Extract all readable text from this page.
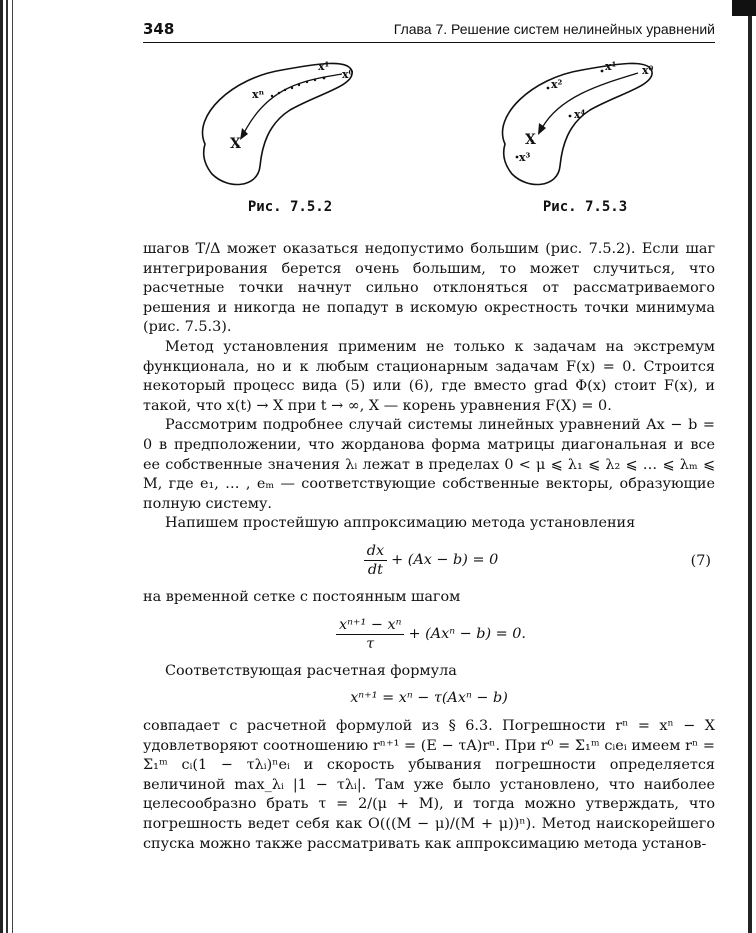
348	Глава 7. Решение систем нелинейных уравнений
x⁰
x¹
xⁿ
X
Рис. 7.5.2
x⁰
x¹
x²
x⁴
X
x³
Рис. 7.5.3

шагов T/Δ может оказаться недопустимо большим (рис. 7.5.2). Если шаг интегрирования берется очень большим, то может случиться, что расчетные точки начнут сильно отклоняться от рассматриваемого решения и никогда не попадут в искомую окрестность точки минимума (рис. 7.5.3).

Метод установления применим не только к задачам на экстремум функционала, но и к любым стационарным задачам F(x) = 0. Строится некоторый процесс вида (5) или (6), где вместо grad Φ(x) стоит F(x), и такой, что x(t) → X при t → ∞, X — корень уравнения F(X) = 0.

Рассмотрим подробнее случай системы линейных уравнений Ax − b = 0 в предположении, что жорданова форма матрицы диагональная и все ее собственные значения λᵢ лежат в пределах 0 < μ ⩽ λ₁ ⩽ λ₂ ⩽ … ⩽ λₘ ⩽ M, где e₁, … , eₘ — соответствующие собственные векторы, образующие полную систему.

Напишем простейшую аппроксимацию метода установления

$\frac{dx}{dt} + (Ax - b) = 0$	(7)

на временной сетке с постоянным шагом

$\frac{\text{xⁿ⁺¹ − xⁿ}}{\tau} + (Ax^n - b) = 0$.

Соответствующая расчетная формула

xⁿ⁺¹ = xⁿ − τ(Axⁿ − b)

совпадает с расчетной формулой из § 6.3. Погрешности rⁿ = xⁿ − X удовлетворяют соотношению rⁿ⁺¹ = (E − τA)rⁿ. При r⁰ = Σ₁ᵐ cᵢeᵢ имеем rⁿ = Σ₁ᵐ cᵢ(1 − τλᵢ)ⁿeᵢ и скорость убывания погрешности определяется величиной max_λᵢ |1 − τλᵢ|. Там уже было установлено, что наиболее целесообразно брать τ = 2/(μ + M), и тогда можно утверждать, что погрешность ведет себя как O(((M − μ)/(M + μ))ⁿ). Метод наискорейшего спуска можно также рассматривать как аппроксимацию метода установ-
